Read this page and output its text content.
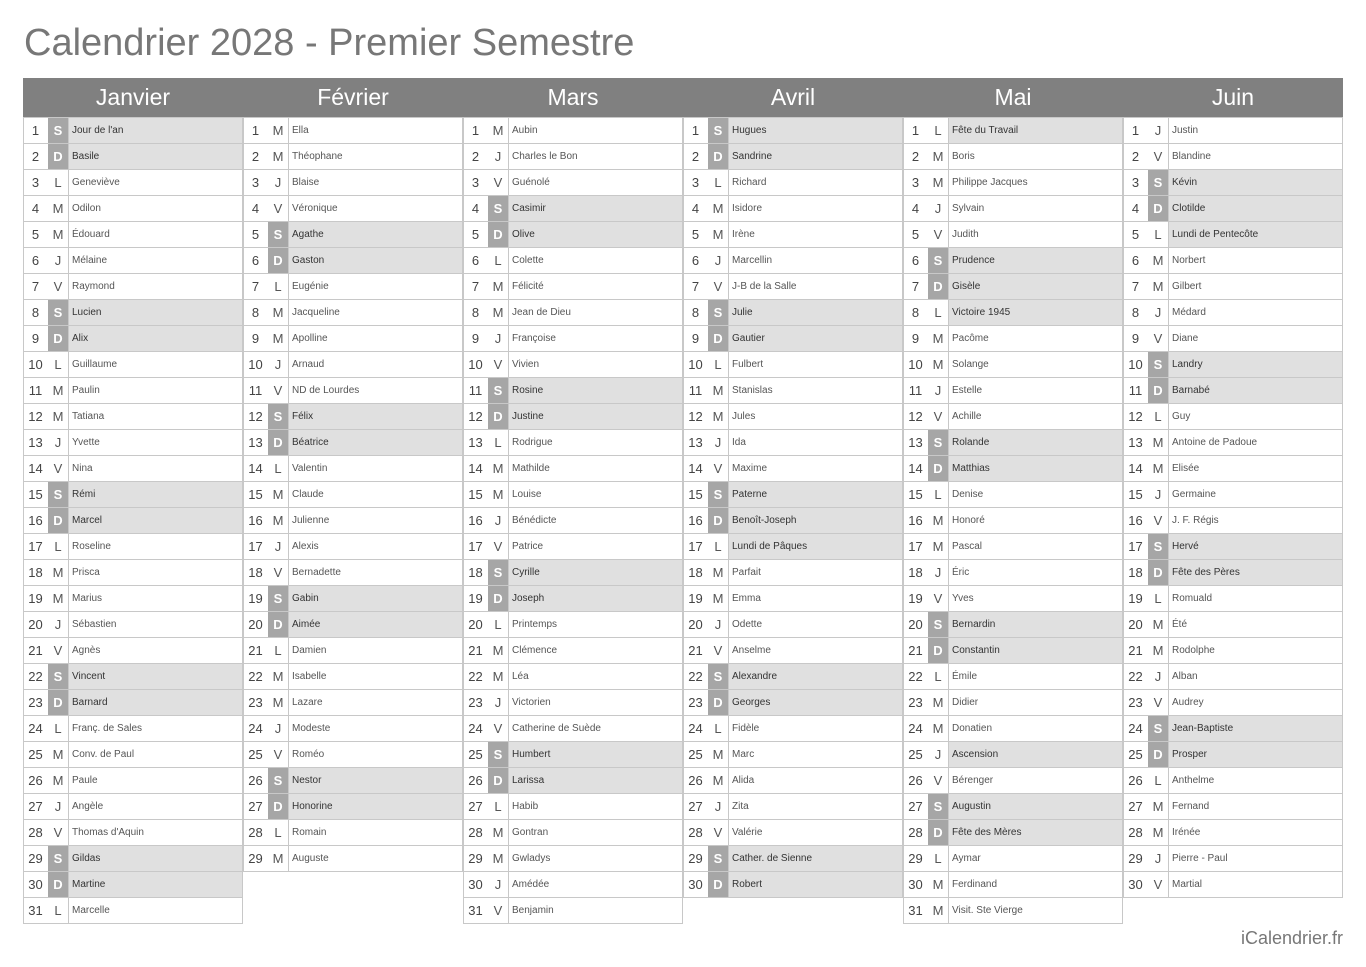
Calendrier 2028 - Premier Semestre
Janvier
1	S Jour de l'an
2	D Basile
3	L	Geneviève
4	M Odilon
5	M Édouard
6	J	Mélaine
7	V Raymond
8	S Lucien
9	D Alix
10 L	Guillaume
11 M Paulin
12 M Tatiana
13 J	Yvette
14 V Nina
15 S Rémi
16 D Marcel
17 L	Roseline
18 M Prisca
19 M Marius
20 J	Sébastien
21 V Agnès
22 S Vincent
23 D Barnard
24 L	Franç. de Sales
25 M Conv. de Paul
26 M Paule
27 J	Angèle
28 V Thomas d'Aquin
29 S Gildas
30 D Martine
31 L	Marcelle
Février
1	M Ella
2	M Théophane
3	J	Blaise
4	V Véronique
5	S Agathe
6	D Gaston
7	L	Eugénie
8	M Jacqueline
9	M Apolline
10 J	Arnaud
11 V ND de Lourdes
12 S Félix
13 D Béatrice
14 L	Valentin
15 M Claude
16 M Julienne
17 J	Alexis
18 V Bernadette
19 S Gabin
20 D Aimée
21 L	Damien
22 M Isabelle
23 M Lazare
24 J	Modeste
25 V Roméo
26 S Nestor
27 D Honorine
28 L	Romain
29 M Auguste
Mars
1	M Aubin
2	J	Charles le Bon
3	V Guénolé
4	S Casimir
5	D Olive
6	L	Colette
7	M Félicité
8	M Jean de Dieu
9	J	Françoise
10 V Vivien
11 S Rosine
12 D Justine
13 L	Rodrigue
14 M Mathilde
15 M Louise
16 J	Bénédicte
17 V Patrice
18 S Cyrille
19 D Joseph
20 L	Printemps
21 M Clémence
22 M Léa
23 J	Victorien
24 V Catherine de Suède
25 S Humbert
26 D Larissa
27 L	Habib
28 M Gontran
29 M Gwladys
30 J	Amédée
31 V Benjamin
Avril
1	S Hugues
2	D Sandrine
3	L	Richard
4	M Isidore
5	M Irène
6	J	Marcellin
7	V J-B de la Salle
8	S Julie
9	D Gautier
10 L	Fulbert
11 M Stanislas
12 M Jules
13 J	Ida
14 V Maxime
15 S Paterne
16 D Benoît-Joseph
17 L	Lundi de Pâques
18 M Parfait
19 M Emma
20 J	Odette
21 V Anselme
22 S Alexandre
23 D Georges
24 L	Fidèle
25 M Marc
26 M Alida
27 J	Zita
28 V Valérie
29 S Cather. de Sienne
30 D Robert
Mai
1	L	Fête du Travail
2	M Boris
3	M Philippe Jacques
4	J	Sylvain
5	V Judith
6	S Prudence
7	D Gisèle
8	L	Victoire 1945
9	M Pacôme
10 M Solange
11 J	Estelle
12 V Achille
13 S Rolande
14 D Matthias
15 L	Denise
16 M Honoré
17 M Pascal
18 J	Éric
19 V Yves
20 S Bernardin
21 D Constantin
22 L	Émile
23 M Didier
24 M Donatien
25 J	Ascension
26 V Bérenger
27 S Augustin
28 D Fête des Mères
29 L	Aymar
30 M Ferdinand
31 M Visit. Ste Vierge
Juin
1	J	Justin
2	V Blandine
3	S Kévin
4	D Clotilde
5	L	Lundi de Pentecôte
6	M Norbert
7	M Gilbert
8	J	Médard
9	V Diane
10 S Landry
11 D Barnabé
12 L	Guy
13 M Antoine de Padoue
14 M Elisée
15 J	Germaine
16 V J. F. Régis
17 S Hervé
18 D Fête des Pères
19 L	Romuald
20 M Été
21 M Rodolphe
22 J	Alban
23 V Audrey
24 S Jean-Baptiste
25 D Prosper
26 L	Anthelme
27 M Fernand
28 M Irénée
29 J	Pierre - Paul
30 V Martial
iCalendrier.fr
